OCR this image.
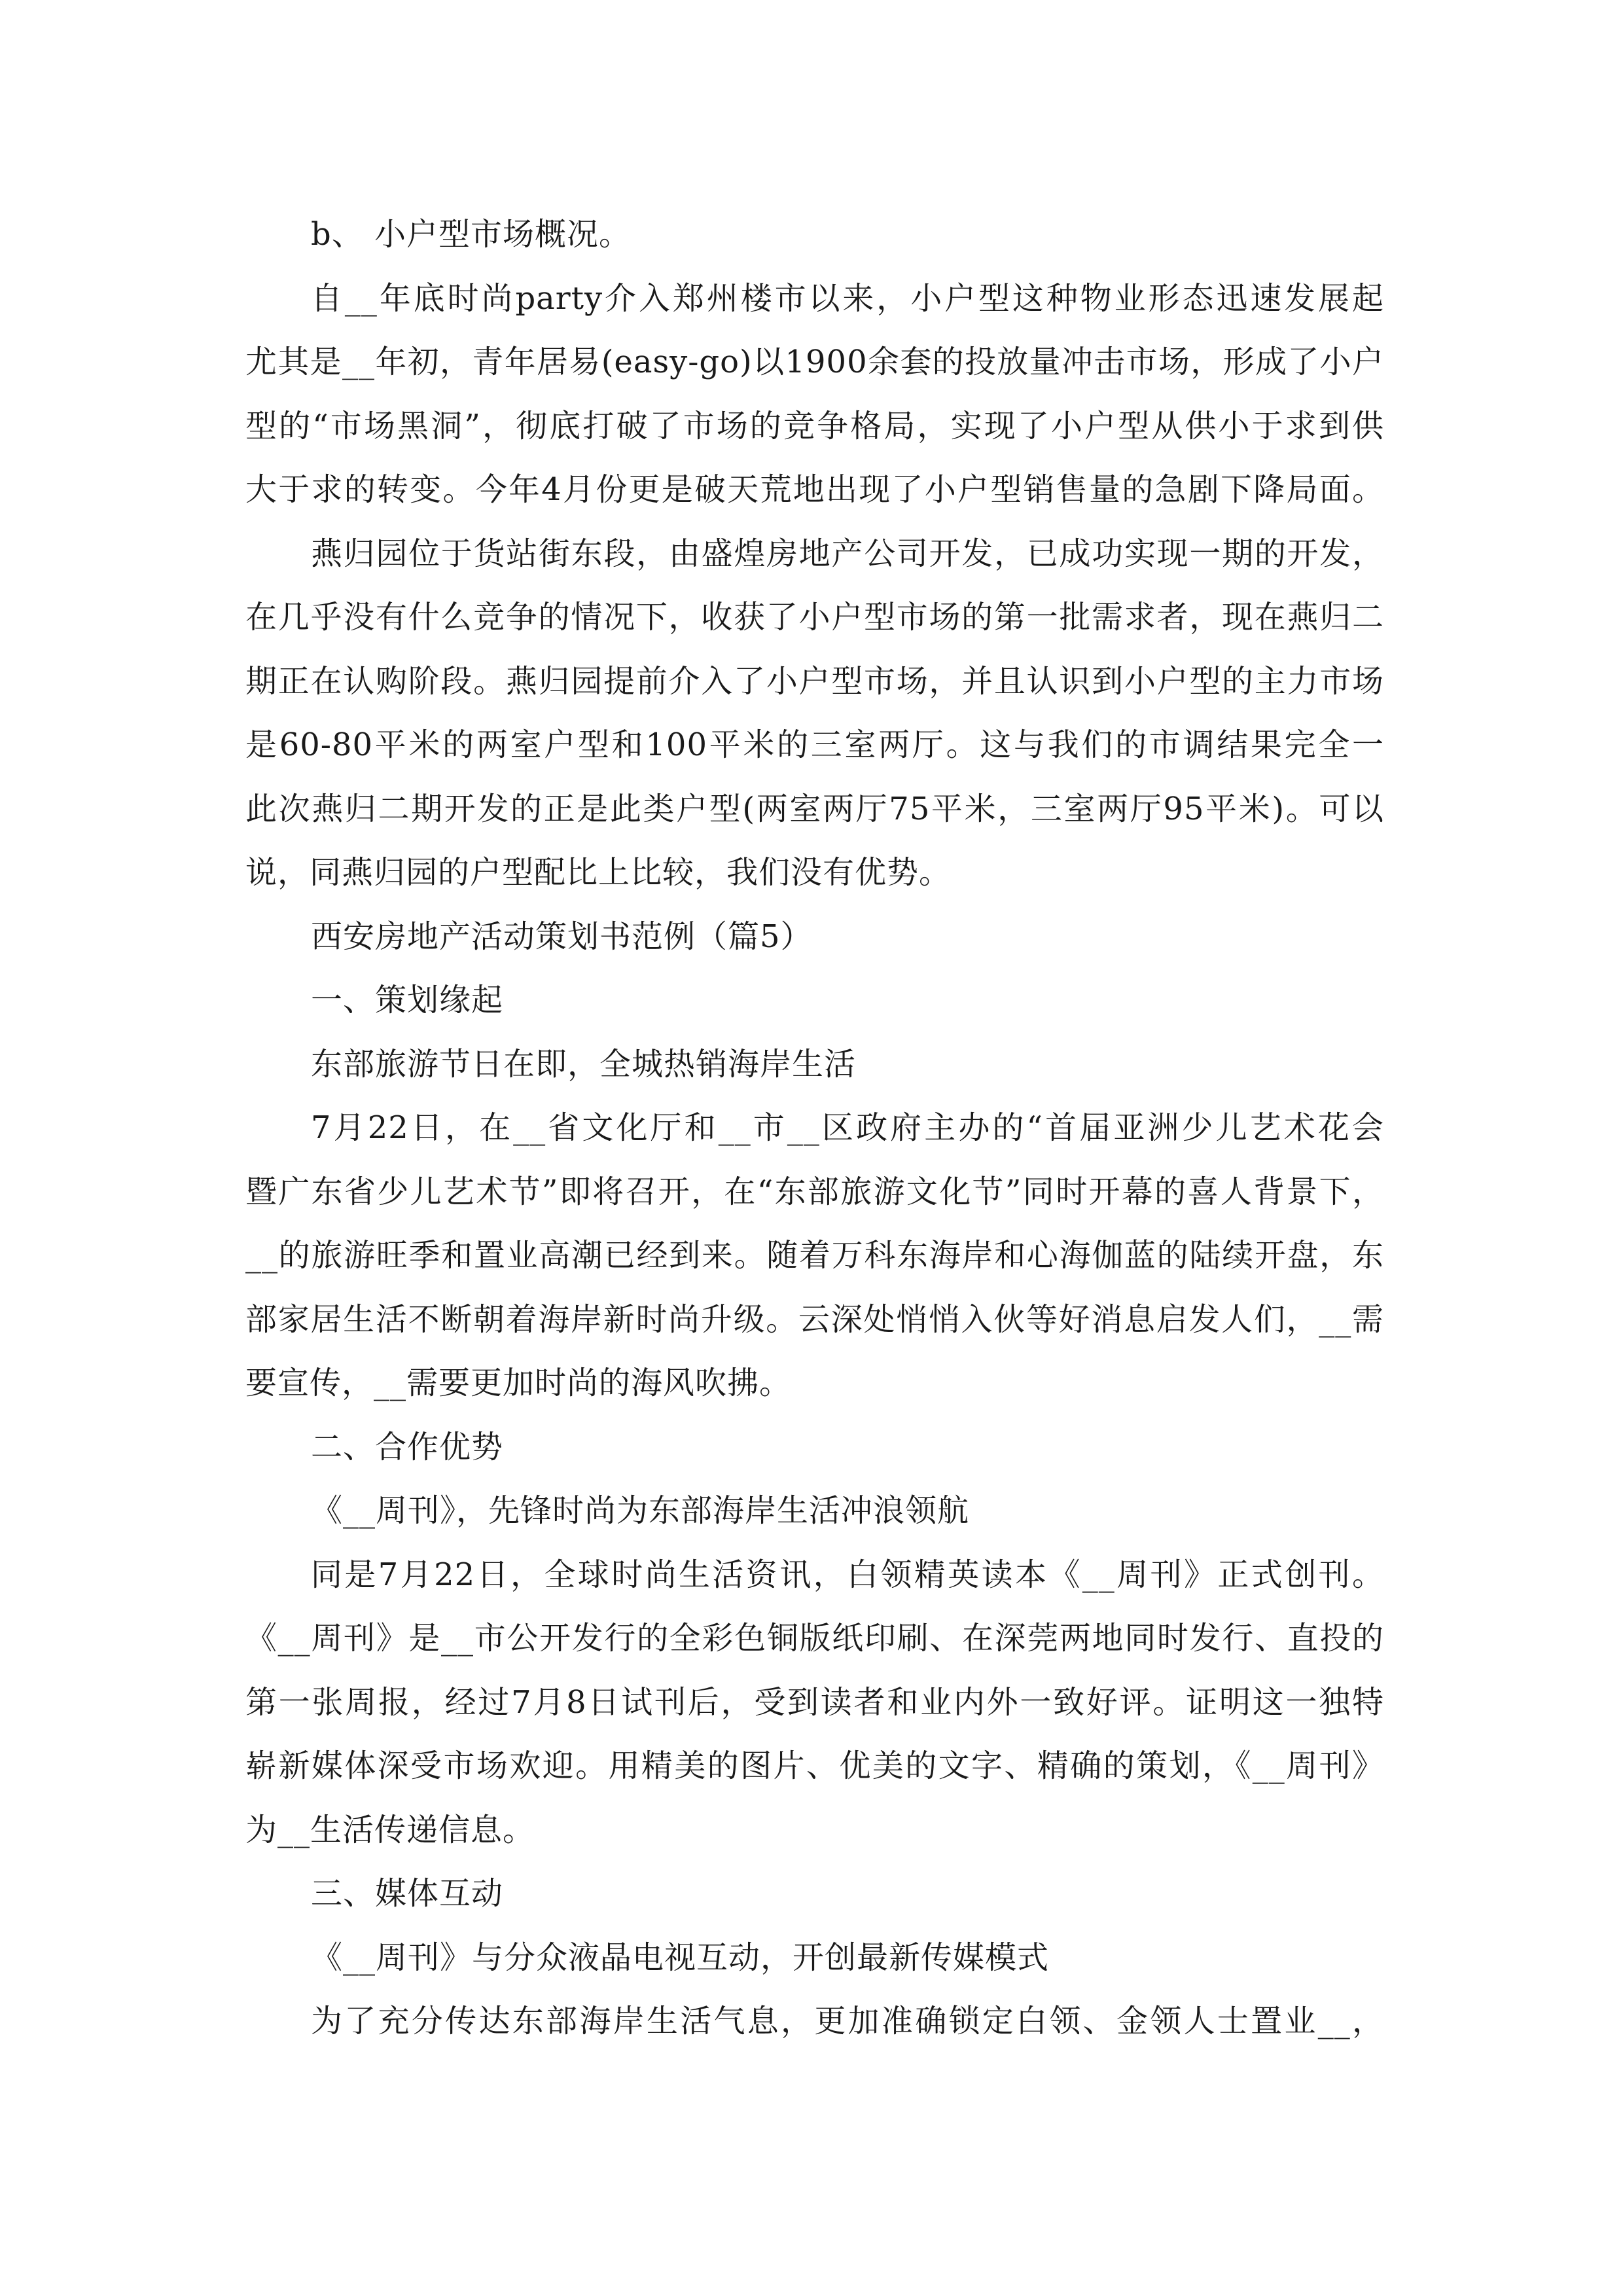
b、 小户型市场概况。
自__年底时尚party介入郑州楼市以来，小户型这种物业形态迅速发展起
尤其是__年初，青年居易(easy-go)以1900余套的投放量冲击市场，形成了小户
型的“市场黑洞”，彻底打破了市场的竞争格局，实现了小户型从供小于求到供
大于求的转变。今年4月份更是破天荒地出现了小户型销售量的急剧下降局面。
燕归园位于货站街东段，由盛煌房地产公司开发，已成功实现一期的开发，
在几乎没有什么竞争的情况下，收获了小户型市场的第一批需求者，现在燕归二
期正在认购阶段。燕归园提前介入了小户型市场，并且认识到小户型的主力市场
是60-80平米的两室户型和100平米的三室两厅。这与我们的市调结果完全一
此次燕归二期开发的正是此类户型(两室两厅75平米，三室两厅95平米)。可以
说，同燕归园的户型配比上比较，我们没有优势。
西安房地产活动策划书范例（篇5）
一、策划缘起
东部旅游节日在即，全城热销海岸生活
7月22日，在__省文化厅和__市__区政府主办的“首届亚洲少儿艺术花会
暨广东省少儿艺术节”即将召开，在“东部旅游文化节”同时开幕的喜人背景下，
__的旅游旺季和置业高潮已经到来。随着万科东海岸和心海伽蓝的陆续开盘，东
部家居生活不断朝着海岸新时尚升级。云深处悄悄入伙等好消息启发人们，__需
要宣传，__需要更加时尚的海风吹拂。
二、合作优势
《__周刊》，先锋时尚为东部海岸生活冲浪领航
同是7月22日，全球时尚生活资讯，白领精英读本《__周刊》正式创刊。
《__周刊》是__市公开发行的全彩色铜版纸印刷、在深莞两地同时发行、直投的
第一张周报，经过7月8日试刊后，受到读者和业内外一致好评。证明这一独特
崭新媒体深受市场欢迎。用精美的图片、优美的文字、精确的策划，《__周刊》
为__生活传递信息。
三、媒体互动
《__周刊》与分众液晶电视互动，开创最新传媒模式
为了充分传达东部海岸生活气息，更加准确锁定白领、金领人士置业__，
